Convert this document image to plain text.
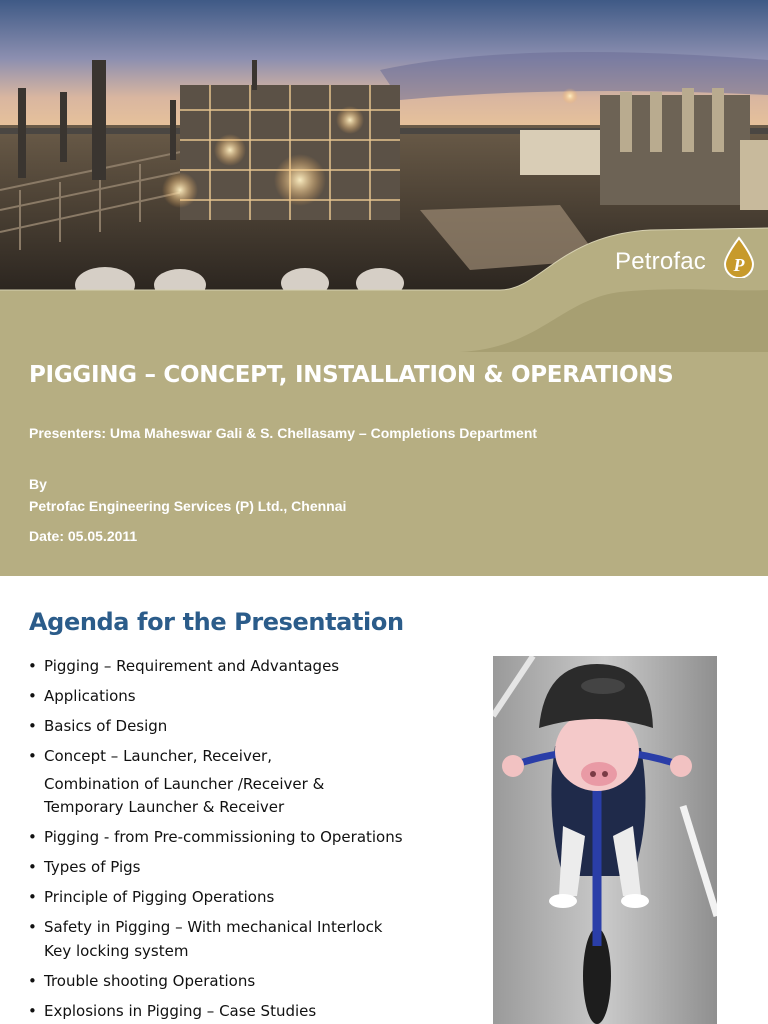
Petrofac P
PIGGING – CONCEPT, INSTALLATION & OPERATIONS

Presenters: Uma Maheswar Gali & S. Chellasamy – Completions Department

By

Petrofac Engineering Services (P) Ltd., Chennai

Date: 05.05.2011

Agenda for the Presentation
• Pigging – Requirement and Advantages
• Applications
• Basics of Design
• Concept – Launcher, Receiver,
Combination of Launcher /Receiver &
Temporary Launcher & Receiver
• Pigging - from Pre-commissioning to Operations
• Types of Pigs
• Principle of Pigging Operations
• Safety in Pigging – With mechanical Interlock
Key locking system
• Trouble shooting Operations
• Explosions in Pigging – Case Studies
